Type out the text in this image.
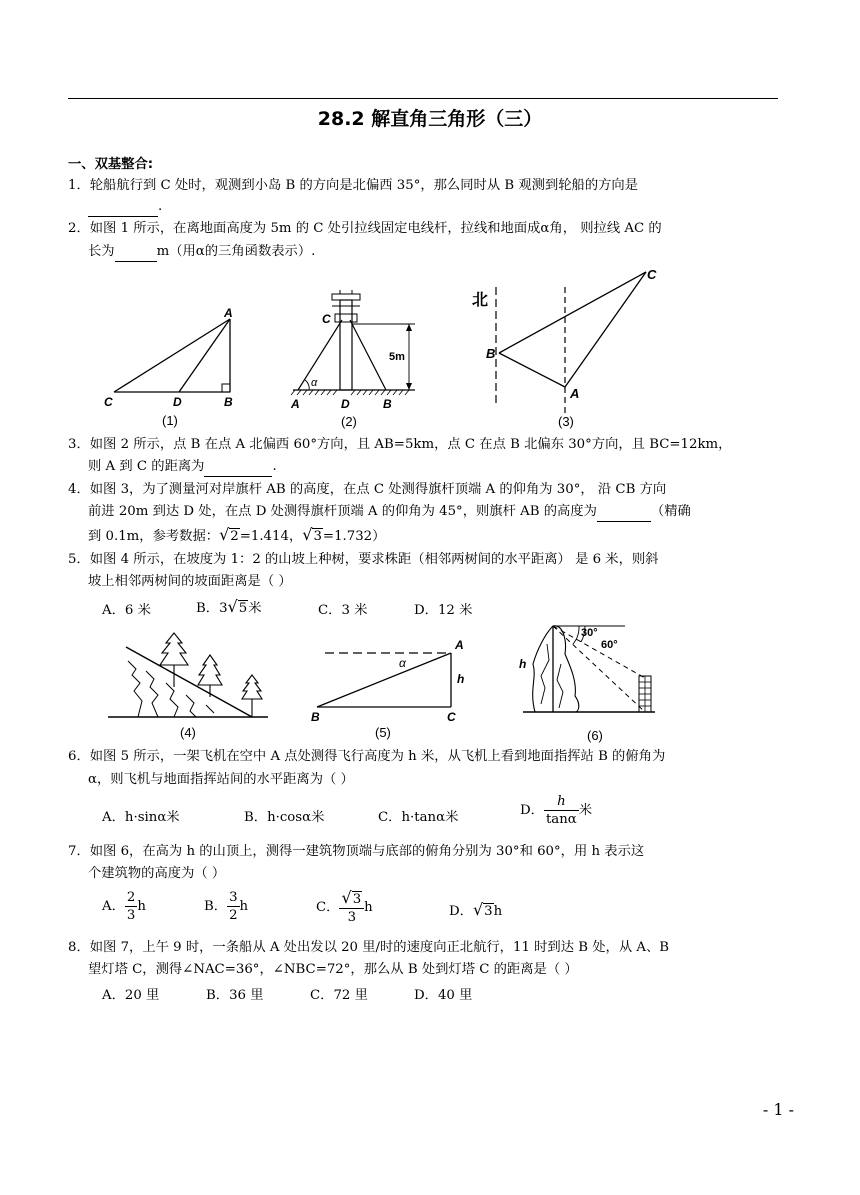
28.2 解直角三角形（三）
一、双基整合:
1．轮船航行到 C 处时，观测到小岛 B 的方向是北偏西 35°，那么同时从 B 观测到轮船的方向是
.
2．如图 1 所示，在离地面高度为 5m 的 C 处引拉线固定电线杆，拉线和地面成α角， 则拉线 AC 的
长为	m（用α的三角函数表示）.
A
B
C	D
(1)
C
α
5m
A	D	B
(2)
北
B
A
C
(3)
3．如图 2 所示，点 B 在点 A 北偏西 60°方向，且 AB=5km，点 C 在点 B 北偏东 30°方向，且 BC=12km，
则 A 到 C 的距离为	.
4．如图 3，为了测量河对岸旗杆 AB 的高度，在点 C 处测得旗杆顶端 A 的仰角为 30°， 沿 CB 方向
前进 20m 到达 D 处，在点 D 处测得旗杆顶端 A 的仰角为 45°，则旗杆 AB 的高度为	（精确
到 0.1m，参考数据：√2=1.414，√3=1.732）
5．如图 4 所示，在坡度为 1：2 的山坡上种树，要求株距（相邻两树间的水平距离） 是 6 米，则斜
坡上相邻两树间的坡面距离是（ ）
A．6 米	B．3√5米	C．3 米	D．12 米
(4)
α
A
h
B	C
(5)
h
30°
60°
(6)
6．如图 5 所示，一架飞机在空中 A 点处测得飞行高度为 h 米，从飞机上看到地面指挥站 B 的俯角为
α，则飞机与地面指挥站间的水平距离为（ ）
A．h·sinα米	B．h·cosα米	C．h·tanα米	D． $\frac{h}{\tan\alpha}$ 米
7．如图 6，在高为 h 的山顶上，测得一建筑物顶端与底部的俯角分别为 30°和 60°，用 h 表示这
个建筑物的高度为（ ）
A． $\frac{2}{3}$ h	B． $\frac{3}{2}$ h	C． $\frac{√3}{3}$ h	D．√3h
8．如图 7，上午 9 时，一条船从 A 处出发以 20 里/时的速度向正北航行，11 时到达 B 处，从 A、B
望灯塔 C，测得∠NAC=36°，∠NBC=72°，那么从 B 处到灯塔 C 的距离是（ ）
A．20 里	B．36 里	C．72 里	D．40 里
- 1 -
